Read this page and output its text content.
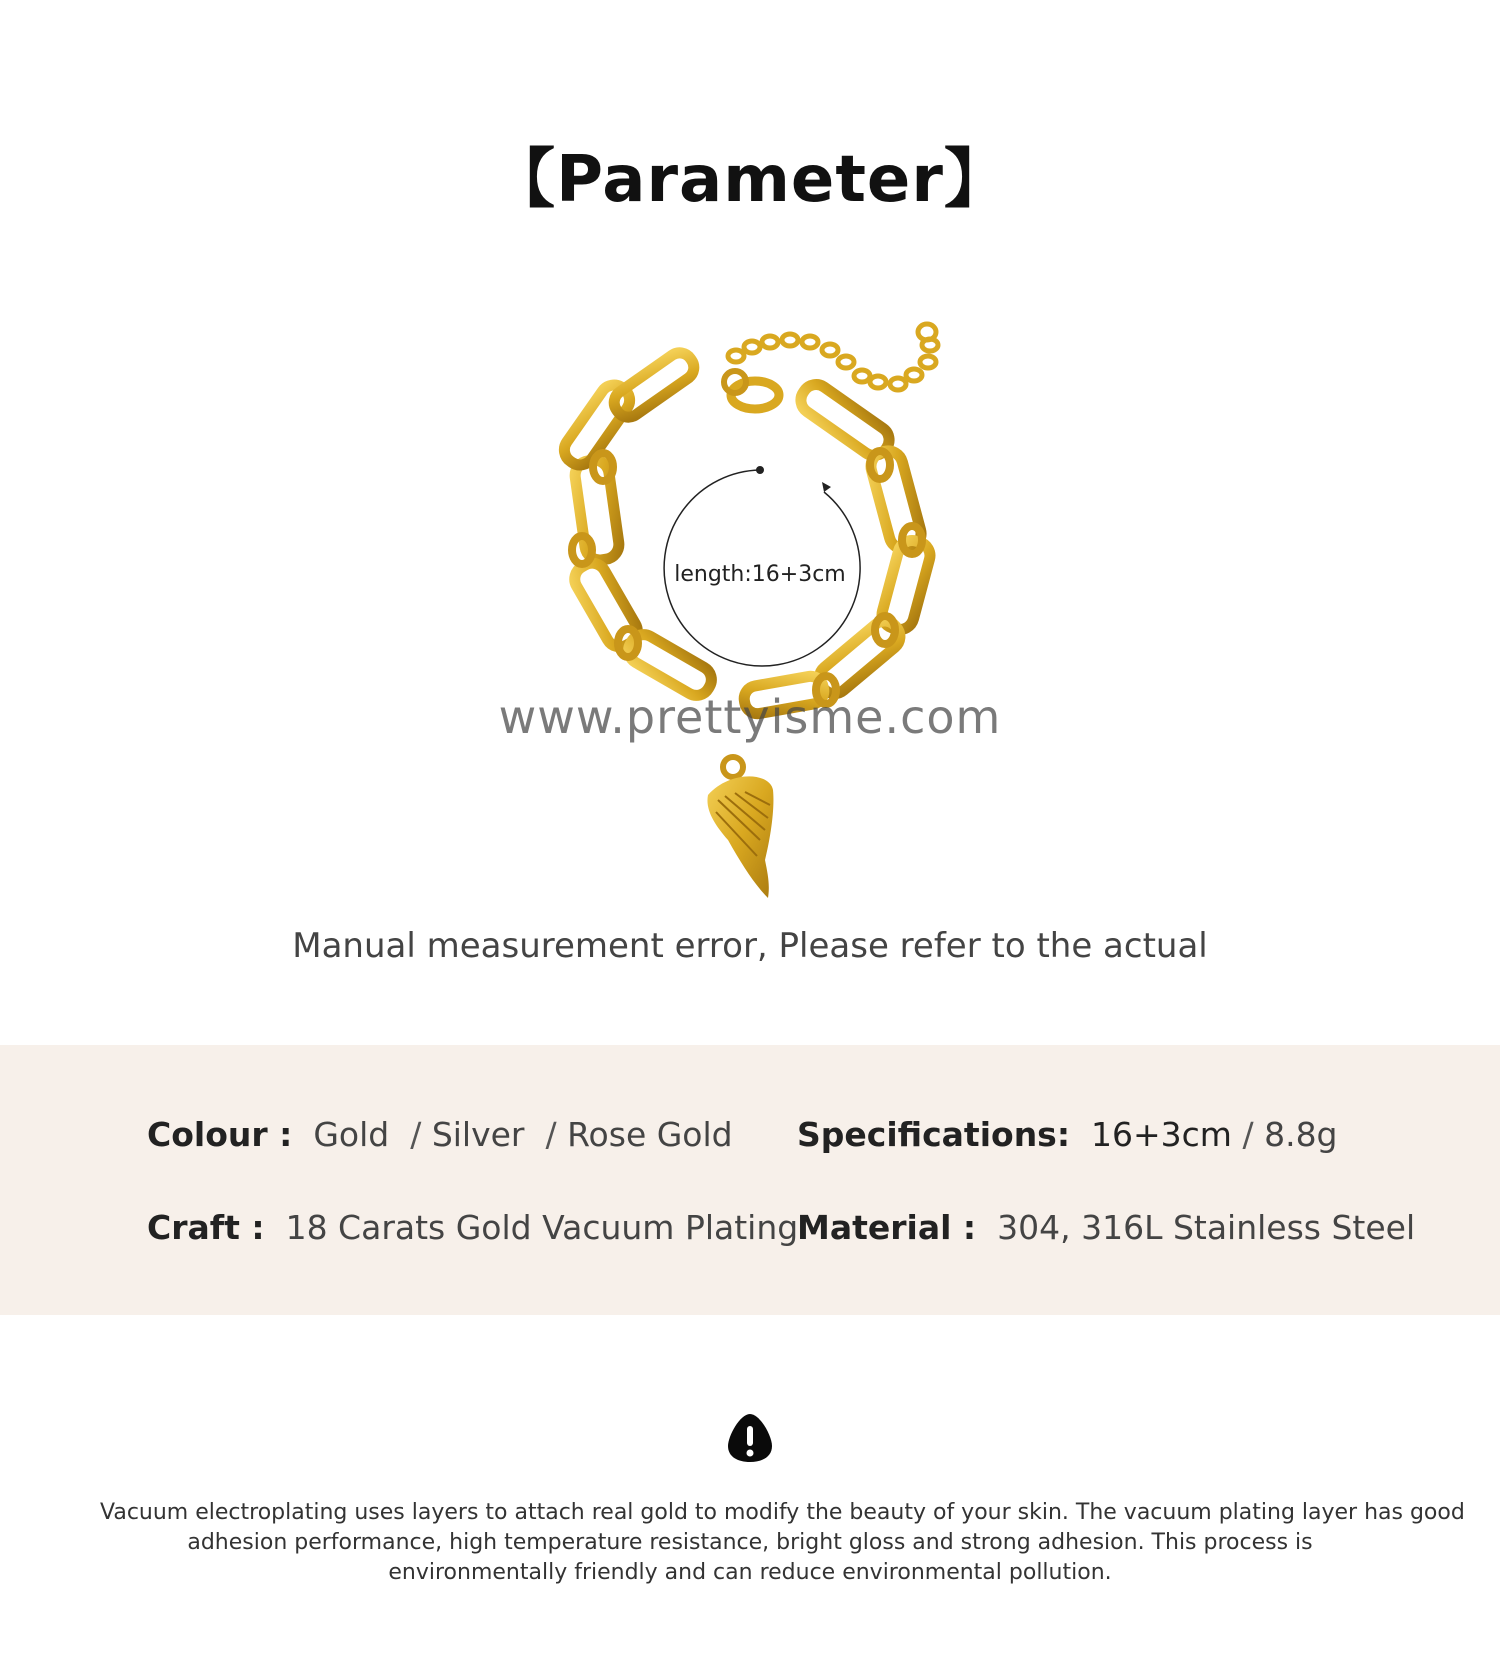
【Parameter】
length:16+3cm
www.prettyisme.com
Manual measurement error, Please refer to the actual
Colour : Gold / Silver / Rose Gold Specifications: 16+3cm / 8.8g
Craft : 18 Carats Gold Vacuum Plating
Material : 304, 316L Stainless Steel
Vacuum electroplating uses layers to attach real gold to modify the beauty of your skin. The vacuum plating layer has good
adhesion performance, high temperature resistance, bright gloss and strong adhesion. This process is
environmentally friendly and can reduce environmental pollution.
